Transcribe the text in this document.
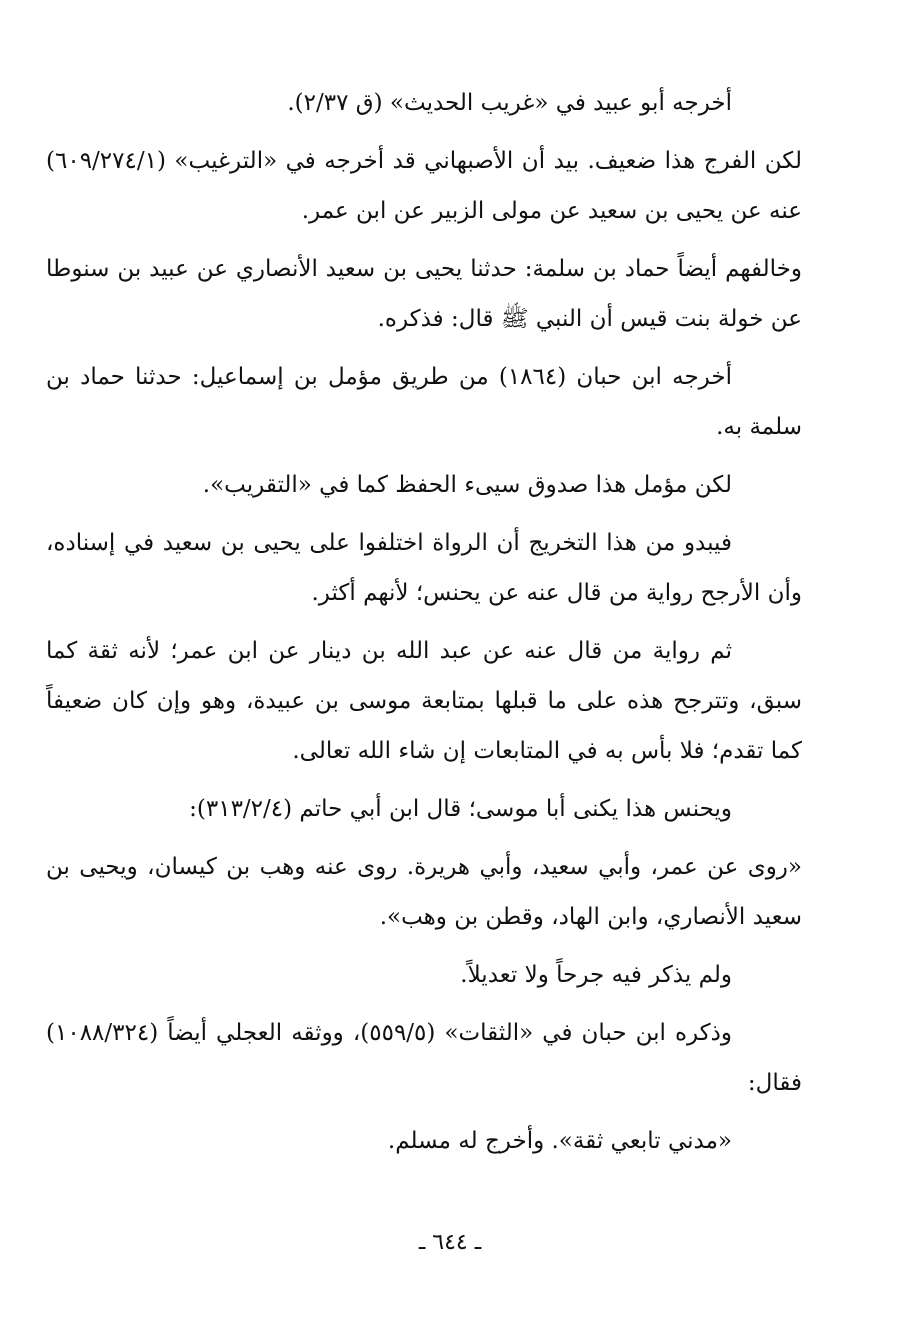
أخرجه أبو عبيد في «غريب الحديث» (ق ٢/٣٧).

لكن الفرج هذا ضعيف. بيد أن الأصبهاني قد أخرجه في «الترغيب» (٦٠٩/٢٧٤/١) عنه عن يحيى بن سعيد عن مولى الزبير عن ابن عمر.

وخالفهم أيضاً حماد بن سلمة: حدثنا يحيى بن سعيد الأنصاري عن عبيد بن سنوطا عن خولة بنت قيس أن النبي ﷺ قال: فذكره.

أخرجه ابن حبان (١٨٦٤) من طريق مؤمل بن إسماعيل: حدثنا حماد بن سلمة به.

لكن مؤمل هذا صدوق سيىء الحفظ كما في «التقريب».

فيبدو من هذا التخريج أن الرواة اختلفوا على يحيى بن سعيد في إسناده، وأن الأرجح رواية من قال عنه عن يحنس؛ لأنهم أكثر.

ثم رواية من قال عنه عن عبد الله بن دينار عن ابن عمر؛ لأنه ثقة كما سبق، وتترجح هذه على ما قبلها بمتابعة موسى بن عبيدة، وهو وإن كان ضعيفاً كما تقدم؛ فلا بأس به في المتابعات إن شاء الله تعالى.

ويحنس هذا يكنى أبا موسى؛ قال ابن أبي حاتم (٣١٣/٢/٤):

«روى عن عمر، وأبي سعيد، وأبي هريرة. روى عنه وهب بن كيسان، ويحيى بن سعيد الأنصاري، وابن الهاد، وقطن بن وهب».

ولم يذكر فيه جرحاً ولا تعديلاً.

وذكره ابن حبان في «الثقات» (٥٥٩/٥)، ووثقه العجلي أيضاً (١٠٨٨/٣٢٤) فقال:

«مدني تابعي ثقة». وأخرج له مسلم.

ـ ٦٤٤ ـ
